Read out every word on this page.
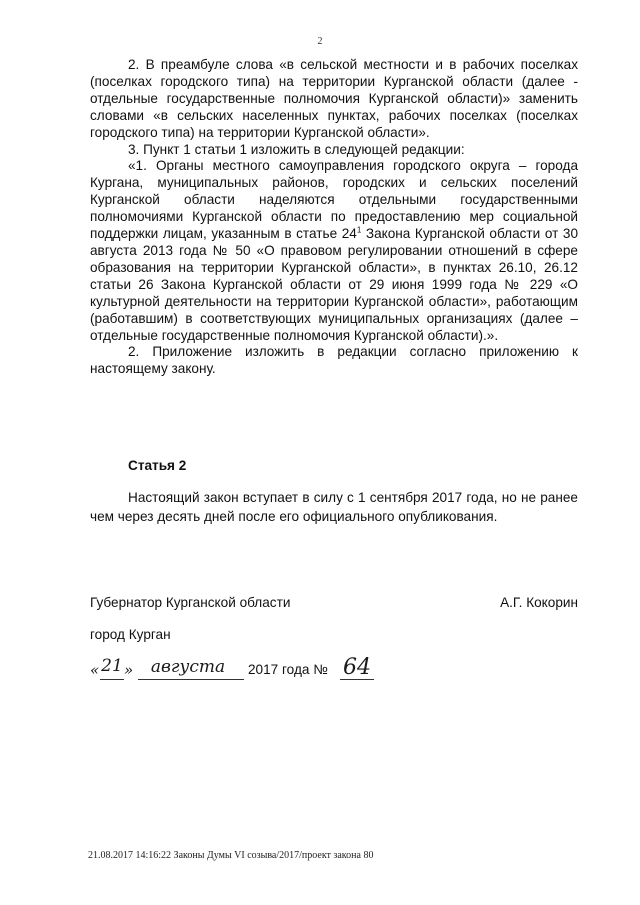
2

2. В преамбуле слова «в сельской местности и в рабочих поселках (поселках городского типа) на территории Курганской области (далее - отдельные государственные полномочия Курганской области)» заменить словами «в сельских населенных пунктах, рабочих поселках (поселках городского типа) на территории Курганской области».

3. Пункт 1 статьи 1 изложить в следующей редакции:

«1. Органы местного самоуправления городского округа – города Кургана, муниципальных районов, городских и сельских поселений Курганской области наделяются отдельными государственными полномочиями Курганской области по предоставлению мер социальной поддержки лицам, указанным в статье $24^1$ Закона Курганской области от 30 августа 2013 года № 50 «О правовом регулировании отношений в сфере образования на территории Курганской области», в пунктах 26.10, 26.12 статьи 26 Закона Курганской области от 29 июня 1999 года № 229 «О культурной деятельности на территории Курганской области», работающим (работавшим) в соответствующих муниципальных организациях (далее – отдельные государственные полномочия Курганской области).».

2. Приложение изложить в редакции согласно приложению к настоящему закону.

Статья 2

Настоящий закон вступает в силу с 1 сентября 2017 года, но не ранее чем через десять дней после его официального опубликования.

Губернатор Курганской области	А.Г. Кокорин
город Курган
« 21 »	августа	2017 года № 64
21.08.2017 14:16:22 Законы Думы VI созыва/2017/проект закона 80
